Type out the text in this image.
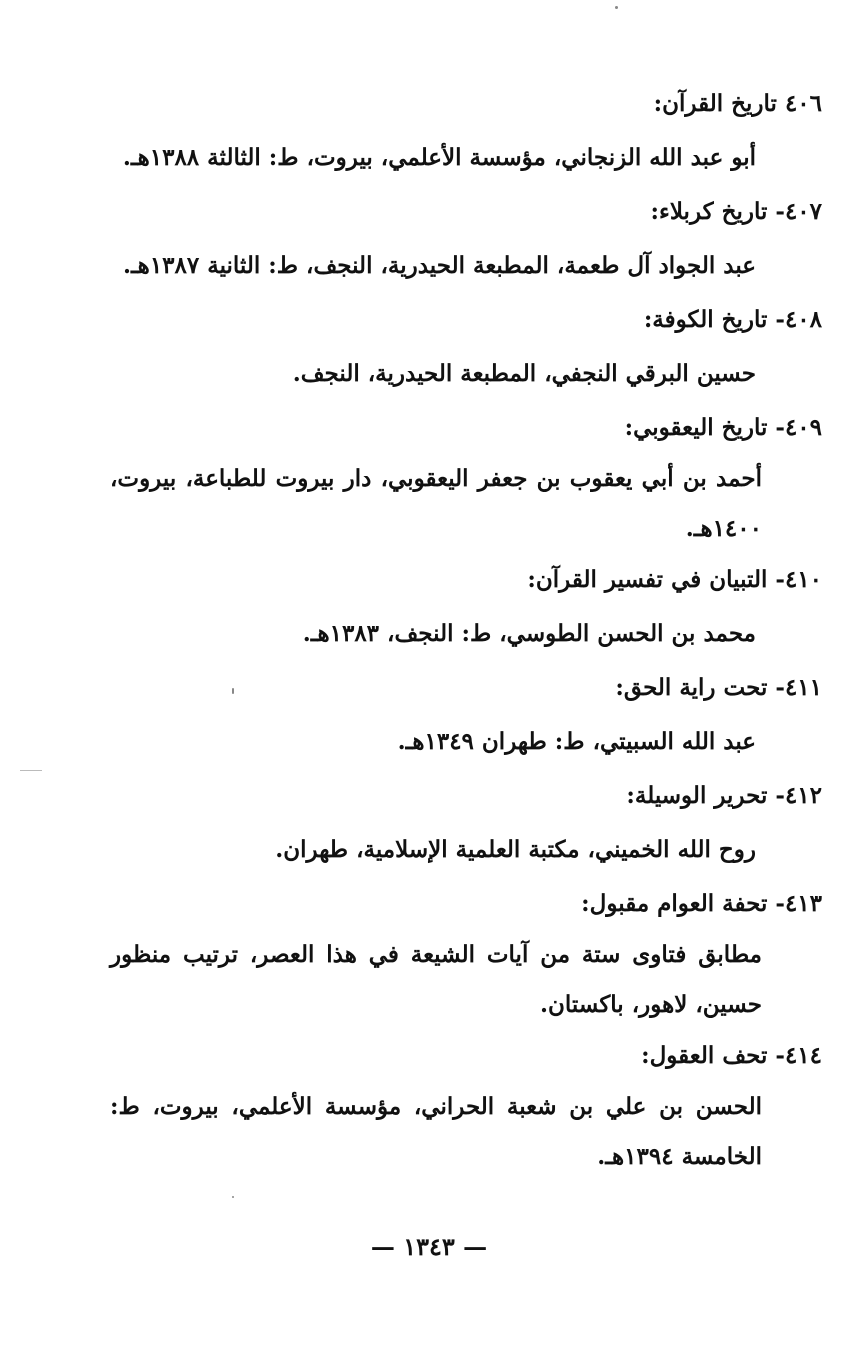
٤٠٦ تاريخ القرآن:

أبو عبد الله الزنجاني، مؤسسة الأعلمي، بيروت، ط: الثالثة ١٣٨٨هـ.

٤٠٧- تاريخ كربلاء:

عبد الجواد آل طعمة، المطبعة الحيدرية، النجف، ط: الثانية ١٣٨٧هـ.

٤٠٨- تاريخ الكوفة:

حسين البرقي النجفي، المطبعة الحيدرية، النجف.

٤٠٩- تاريخ اليعقوبي:

أحمد بن أبي يعقوب بن جعفر اليعقوبي، دار بيروت للطباعة، بيروت، ١٤٠٠هـ.

٤١٠- التبيان في تفسير القرآن:

محمد بن الحسن الطوسي، ط: النجف، ١٣٨٣هـ.

٤١١- تحت راية الحق:

عبد الله السبيتي، ط: طهران ١٣٤٩هـ.

٤١٢- تحرير الوسيلة:

روح الله الخميني، مكتبة العلمية الإسلامية، طهران.

٤١٣- تحفة العوام مقبول:

مطابق فتاوى ستة من آيات الشيعة في هذا العصر، ترتيب منظور حسين، لاهور، باكستان.

٤١٤- تحف العقول:

الحسن بن علي بن شعبة الحراني، مؤسسة الأعلمي، بيروت، ط: الخامسة ١٣٩٤هـ.

— ١٣٤٣ —
